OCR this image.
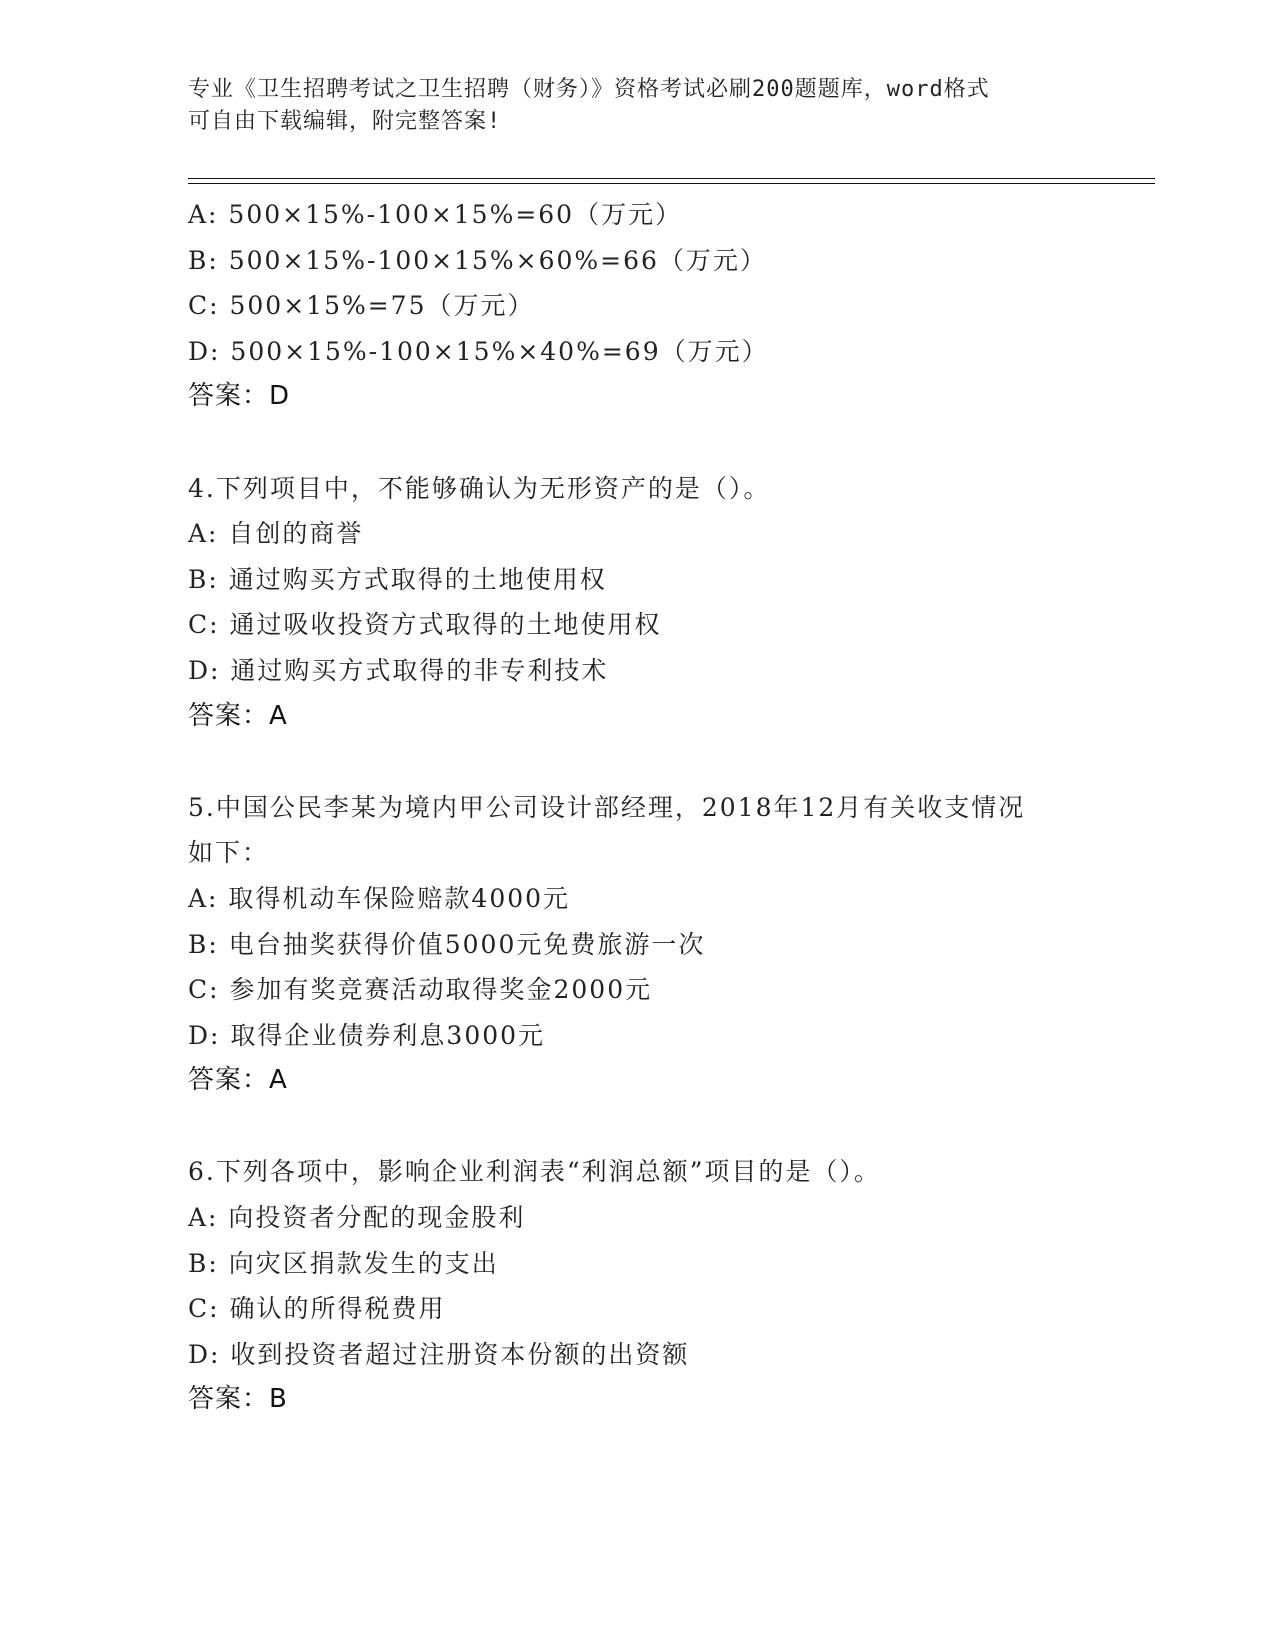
专业《卫生招聘考试之卫生招聘（财务）》资格考试必刷200题题库，word格式
可自由下载编辑，附完整答案!
A: 500×15%-100×15%=60（万元）
B: 500×15%-100×15%×60%=66（万元）
C: 500×15%=75（万元）
D: 500×15%-100×15%×40%=69（万元）
答案：D
4.下列项目中，不能够确认为无形资产的是（）。
A: 自创的商誉
B: 通过购买方式取得的土地使用权
C: 通过吸收投资方式取得的土地使用权
D: 通过购买方式取得的非专利技术
答案：A
5.中国公民李某为境内甲公司设计部经理，2018年12月有关收支情况
如下：
A: 取得机动车保险赔款4000元
B: 电台抽奖获得价值5000元免费旅游一次
C: 参加有奖竞赛活动取得奖金2000元
D: 取得企业债券利息3000元
答案：A
6.下列各项中，影响企业利润表“利润总额”项目的是（）。
A: 向投资者分配的现金股利
B: 向灾区捐款发生的支出
C: 确认的所得税费用
D: 收到投资者超过注册资本份额的出资额
答案：B
